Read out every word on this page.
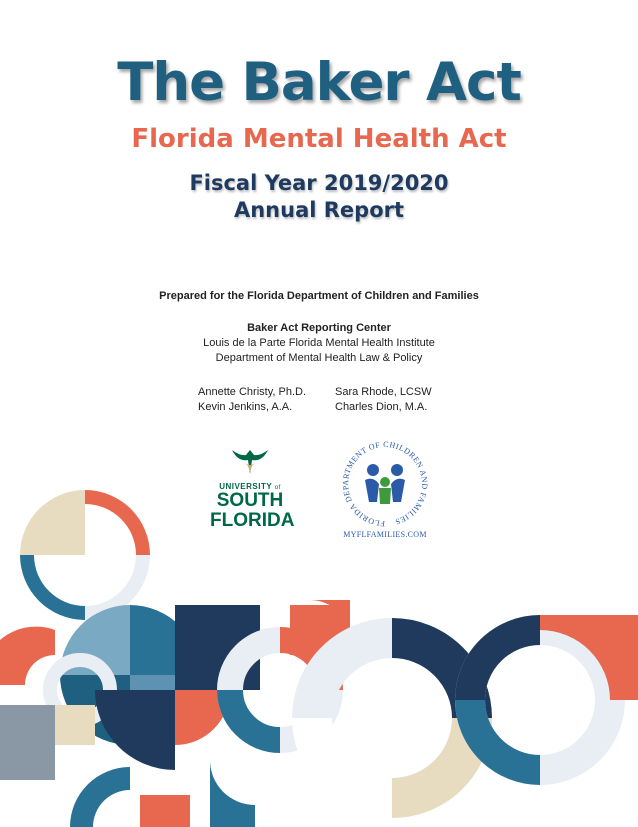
The Baker Act
Florida Mental Health Act
Fiscal Year 2019/2020
Annual Report
Prepared for the Florida Department of Children and Families
Baker Act Reporting Center
Louis de la Parte Florida Mental Health Institute
Department of Mental Health Law & Policy
Annette Christy, Ph.D.
Kevin Jenkins, A.A.
Sara Rhode, LCSW
Charles Dion, M.A.
UNIVERSITY of
SOUTH
FLORIDA	FLORIDA DEPARTMENT OF CHILDREN AND FAMILIES
MYFLFAMILIES.COM
